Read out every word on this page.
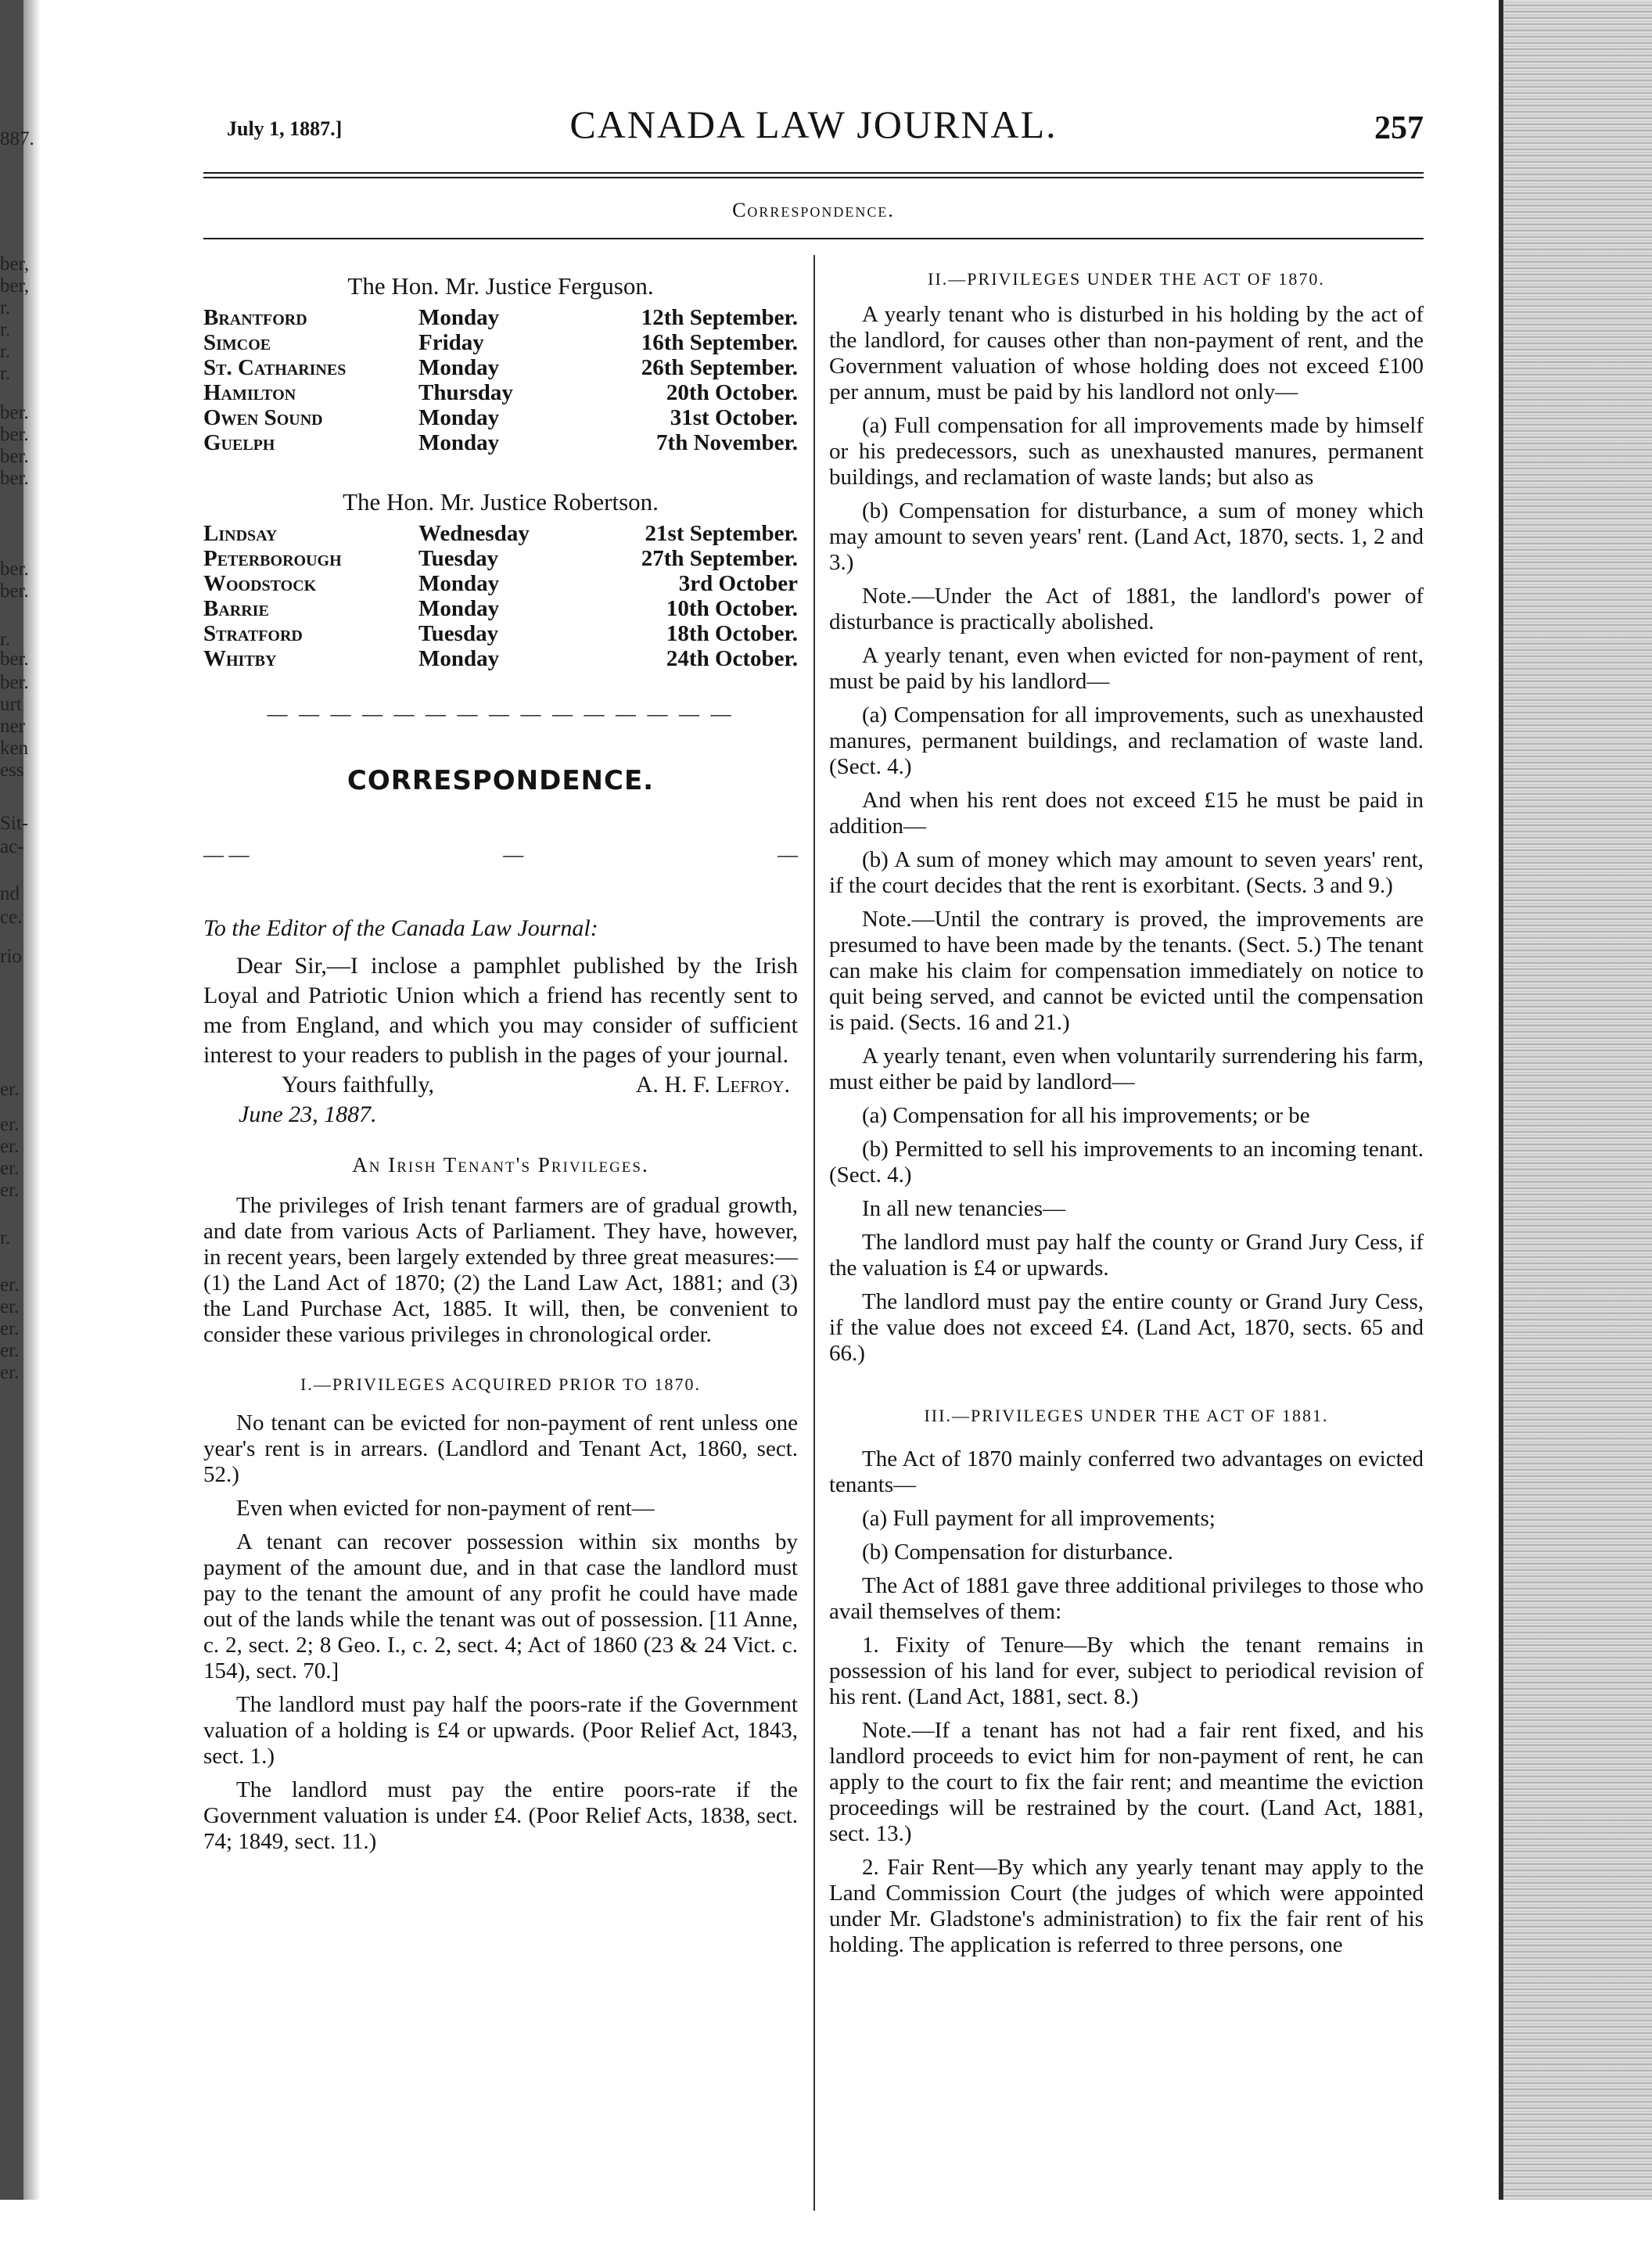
887.
ber,
ber,
r.
r.
r.
r.
ber.
ber.
ber.
ber.
ber.
ber.
r.
ber.
ber.
urt
ner
ken
ess
Sit-
ac-
nd
ce.
rio
er.
er.
er.
er.
er.
r.
er.
er.
er.
er.
er.
July 1, 1887.]	CANADA LAW JOURNAL.	257
Correspondence.
The Hon. Mr. Justice Ferguson.
Brantford	Monday	12th September.
Simcoe	Friday	16th September.
St. Catharines	Monday	26th September.
Hamilton	Thursday	20th October.
Owen Sound	Monday	31st October.
Guelph	Monday	7th November.
The Hon. Mr. Justice Robertson.
Lindsay	Wednesday	21st September.
Peterborough	Tuesday	27th September.
Woodstock	Monday	3rd October
Barrie	Monday	10th October.
Stratford	Tuesday	18th October.
Whitby	Monday	24th October.
— — — — — — — — — — — — — — —
CORRESPONDENCE.
— —	—	—

To the Editor of the Canada Law Journal:

Dear Sir,—I inclose a pamphlet published by the Irish Loyal and Patriotic Union which a friend has recently sent to me from England, and which you may consider of sufficient interest to your readers to publish in the pages of your journal.

Yours faithfully,	A. H. F. Lefroy.

June 23, 1887.

An Irish Tenant's Privileges.

The privileges of Irish tenant farmers are of gradual growth, and date from various Acts of Parliament. They have, however, in recent years, been largely extended by three great measures:—(1) the Land Act of 1870; (2) the Land Law Act, 1881; and (3) the Land Purchase Act, 1885. It will, then, be convenient to consider these various privileges in chronological order.

I.—PRIVILEGES ACQUIRED PRIOR TO 1870.

No tenant can be evicted for non-payment of rent unless one year's rent is in arrears. (Landlord and Tenant Act, 1860, sect. 52.)

Even when evicted for non-payment of rent—

A tenant can recover possession within six months by payment of the amount due, and in that case the landlord must pay to the tenant the amount of any profit he could have made out of the lands while the tenant was out of possession. [11 Anne, c. 2, sect. 2; 8 Geo. I., c. 2, sect. 4; Act of 1860 (23 & 24 Vict. c. 154), sect. 70.]

The landlord must pay half the poors-rate if the Government valuation of a holding is £4 or upwards. (Poor Relief Act, 1843, sect. 1.)

The landlord must pay the entire poors-rate if the Government valuation is under £4. (Poor Relief Acts, 1838, sect. 74; 1849, sect. 11.)

II.—PRIVILEGES UNDER THE ACT OF 1870.

A yearly tenant who is disturbed in his holding by the act of the landlord, for causes other than non-payment of rent, and the Government valuation of whose holding does not exceed £100 per annum, must be paid by his landlord not only—

(a) Full compensation for all improvements made by himself or his predecessors, such as unexhausted manures, permanent buildings, and reclamation of waste lands; but also as

(b) Compensation for disturbance, a sum of money which may amount to seven years' rent. (Land Act, 1870, sects. 1, 2 and 3.)

Note.—Under the Act of 1881, the landlord's power of disturbance is practically abolished.

A yearly tenant, even when evicted for non-payment of rent, must be paid by his landlord—

(a) Compensation for all improvements, such as unexhausted manures, permanent buildings, and reclamation of waste land. (Sect. 4.)

And when his rent does not exceed £15 he must be paid in addition—

(b) A sum of money which may amount to seven years' rent, if the court decides that the rent is exorbitant. (Sects. 3 and 9.)

Note.—Until the contrary is proved, the improvements are presumed to have been made by the tenants. (Sect. 5.) The tenant can make his claim for compensation immediately on notice to quit being served, and cannot be evicted until the compensation is paid. (Sects. 16 and 21.)

A yearly tenant, even when voluntarily surrendering his farm, must either be paid by landlord—

(a) Compensation for all his improvements; or be

(b) Permitted to sell his improvements to an incoming tenant. (Sect. 4.)

In all new tenancies—

The landlord must pay half the county or Grand Jury Cess, if the valuation is £4 or upwards.

The landlord must pay the entire county or Grand Jury Cess, if the value does not exceed £4. (Land Act, 1870, sects. 65 and 66.)

III.—PRIVILEGES UNDER THE ACT OF 1881.

The Act of 1870 mainly conferred two advantages on evicted tenants—

(a) Full payment for all improvements;

(b) Compensation for disturbance.

The Act of 1881 gave three additional privileges to those who avail themselves of them:

1. Fixity of Tenure—By which the tenant remains in possession of his land for ever, subject to periodical revision of his rent. (Land Act, 1881, sect. 8.)

Note.—If a tenant has not had a fair rent fixed, and his landlord proceeds to evict him for non-payment of rent, he can apply to the court to fix the fair rent; and meantime the eviction proceedings will be restrained by the court. (Land Act, 1881, sect. 13.)

2. Fair Rent—By which any yearly tenant may apply to the Land Commission Court (the judges of which were appointed under Mr. Gladstone's administration) to fix the fair rent of his holding. The application is referred to three persons, one
